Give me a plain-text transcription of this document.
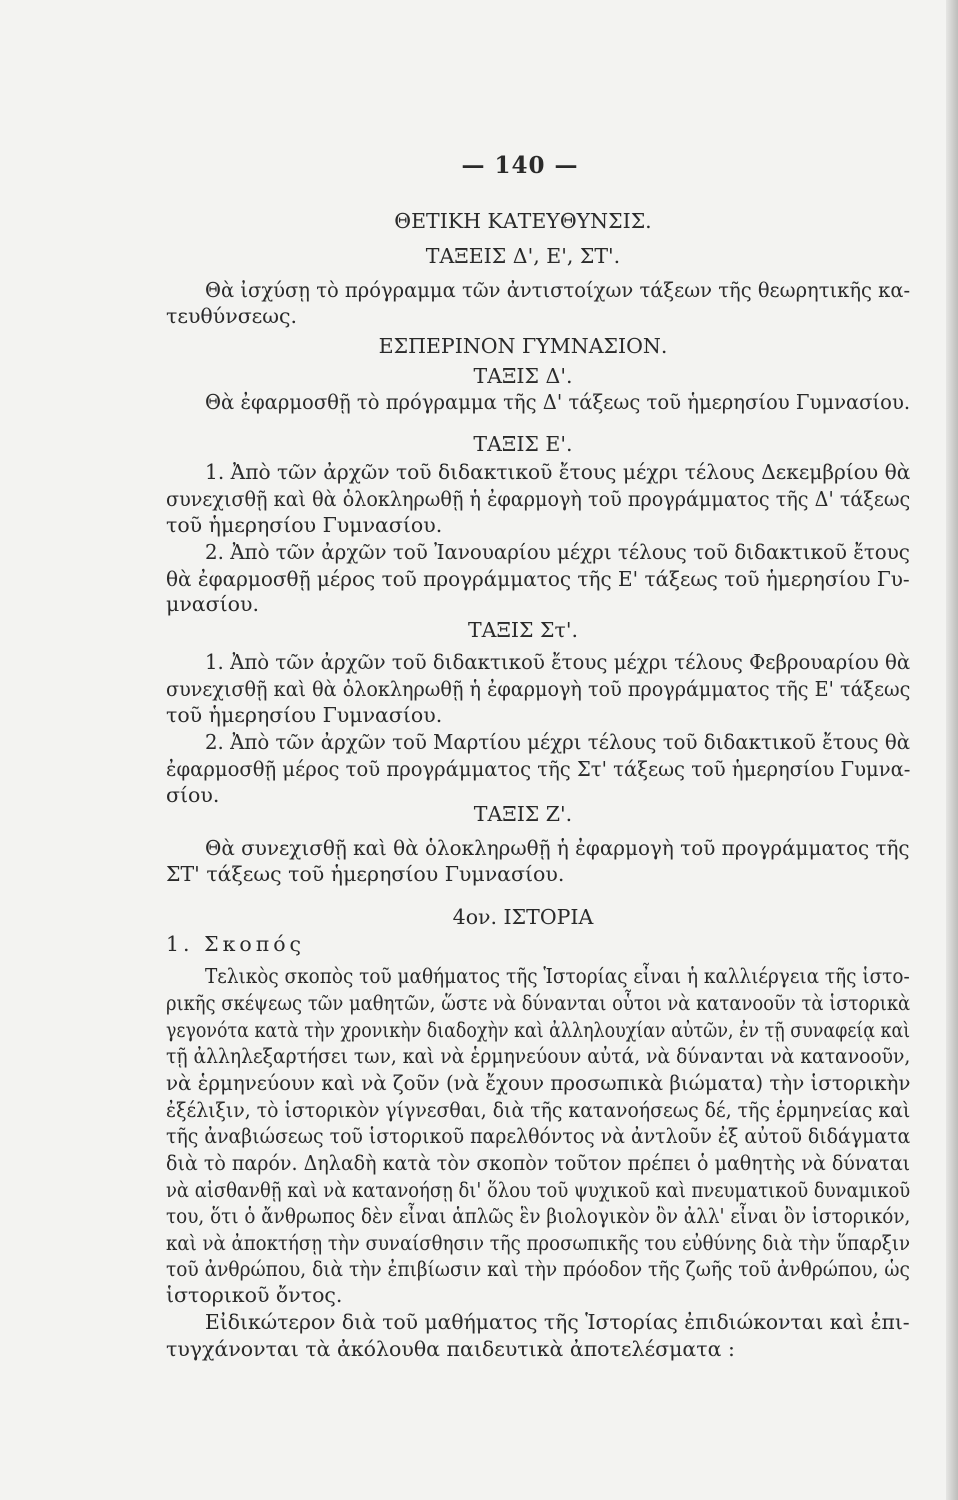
— 140 —
ΘΕΤΙΚΗ ΚΑΤΕΥΘΥΝΣΙΣ.
ΤΑΞΕΙΣ Δ', Ε', ΣΤ'.
Θὰ ἰσχύσῃ τὸ πρόγραμμα τῶν ἀντιστοίχων τάξεων τῆς θεωρητικῆς κα-
τευθύνσεως.
ΕΣΠΕΡΙΝΟΝ ΓΥΜΝΑΣΙΟΝ.
ΤΑΞΙΣ Δ'.
Θὰ ἐφαρμοσθῇ τὸ πρόγραμμα τῆς Δ' τάξεως τοῦ ἡμερησίου Γυμνασίου.
ΤΑΞΙΣ Ε'.
1. Ἀπὸ τῶν ἀρχῶν τοῦ διδακτικοῦ ἔτους μέχρι τέλους Δεκεμβρίου θὰ
συνεχισθῇ καὶ θὰ ὁλοκληρωθῇ ἡ ἐφαρμογὴ τοῦ προγράμματος τῆς Δ' τάξεως
τοῦ ἡμερησίου Γυμνασίου.
2. Ἀπὸ τῶν ἀρχῶν τοῦ Ἰανουαρίου μέχρι τέλους τοῦ διδακτικοῦ ἔτους
θὰ ἐφαρμοσθῇ μέρος τοῦ προγράμματος τῆς Ε' τάξεως τοῦ ἡμερησίου Γυ-
μνασίου.
ΤΑΞΙΣ Στ'.
1. Ἀπὸ τῶν ἀρχῶν τοῦ διδακτικοῦ ἔτους μέχρι τέλους Φεβρουαρίου θὰ
συνεχισθῇ καὶ θὰ ὁλοκληρωθῇ ἡ ἐφαρμογὴ τοῦ προγράμματος τῆς Ε' τάξεως
τοῦ ἡμερησίου Γυμνασίου.
2. Ἀπὸ τῶν ἀρχῶν τοῦ Μαρτίου μέχρι τέλους τοῦ διδακτικοῦ ἔτους θὰ
ἐφαρμοσθῇ μέρος τοῦ προγράμματος τῆς Στ' τάξεως τοῦ ἡμερησίου Γυμνα-
σίου.
ΤΑΞΙΣ Ζ'.
Θὰ συνεχισθῇ καὶ θὰ ὁλοκληρωθῇ ἡ ἐφαρμογὴ τοῦ προγράμματος τῆς
ΣΤ' τάξεως τοῦ ἡμερησίου Γυμνασίου.
4ον. ΙΣΤΟΡΙΑ
1. Σκοπός
Τελικὸς σκοπὸς τοῦ μαθήματος τῆς Ἱστορίας εἶναι ἡ καλλιέργεια τῆς ἱστο-
ρικῆς σκέψεως τῶν μαθητῶν, ὥστε νὰ δύνανται οὗτοι νὰ κατανοοῦν τὰ ἱστορικὰ
γεγονότα κατὰ τὴν χρονικὴν διαδοχὴν καὶ ἀλληλουχίαν αὐτῶν, ἐν τῇ συναφείᾳ καὶ
τῇ ἀλληλεξαρτήσει των, καὶ νὰ ἑρμηνεύουν αὐτά, νὰ δύνανται νὰ κατανοοῦν,
νὰ ἑρμηνεύουν καὶ νὰ ζοῦν (νὰ ἔχουν προσωπικὰ βιώματα) τὴν ἱστορικὴν
ἐξέλιξιν, τὸ ἱστορικὸν γίγνεσθαι, διὰ τῆς κατανοήσεως δέ, τῆς ἑρμηνείας καὶ
τῆς ἀναβιώσεως τοῦ ἱστορικοῦ παρελθόντος νὰ ἀντλοῦν ἐξ αὐτοῦ διδάγματα
διὰ τὸ παρόν. Δηλαδὴ κατὰ τὸν σκοπὸν τοῦτον πρέπει ὁ μαθητὴς νὰ δύναται
νὰ αἰσθανθῇ καὶ νὰ κατανοήσῃ δι' ὅλου τοῦ ψυχικοῦ καὶ πνευματικοῦ δυναμικοῦ
του, ὅτι ὁ ἄνθρωπος δὲν εἶναι ἁπλῶς ἓν βιολογικὸν ὂν ἀλλ' εἶναι ὂν ἱστορικόν,
καὶ νὰ ἀποκτήσῃ τὴν συναίσθησιν τῆς προσωπικῆς του εὐθύνης διὰ τὴν ὕπαρξιν
τοῦ ἀνθρώπου, διὰ τὴν ἐπιβίωσιν καὶ τὴν πρόοδον τῆς ζωῆς τοῦ ἀνθρώπου, ὡς
ἱστορικοῦ ὄντος.
Εἰδικώτερον διὰ τοῦ μαθήματος τῆς Ἱστορίας ἐπιδιώκονται καὶ ἐπι-
τυγχάνονται τὰ ἀκόλουθα παιδευτικὰ ἀποτελέσματα :
